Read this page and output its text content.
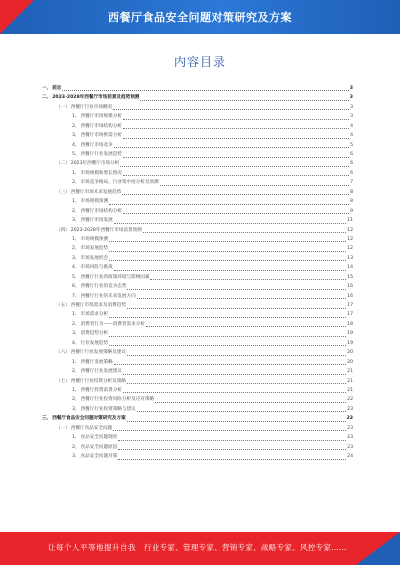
西餐厅食品安全问题对策研究及方案
内容目录
一、 前言	3
二、 2023-2028年西餐厅市场前景及趋势预测	3
（一） 西餐厅行业市场概况	3
1、 西餐厅市场规模分析	3
2、 西餐厅市场结构分析	4
3、 西餐厅市场供需分析	4
4、 西餐厅市场竞争	5
5、 西餐厅行业发展趋势	6
（二） 2023年西餐厅市场分析	6
1、 市场规模和增长情况	6
2、 市场竞争格局、行业集中度分析及预测	7
（三） 西餐厅市场未来发展趋势	8
1、 市场规模预测	8
2、 西餐厅市场结构分析	9
3、 西餐厅市场发展	11
（四） 2023-2028年西餐厅市场前景预测	12
1、 市场规模预测	12
2、 市场发展趋势	12
3、 市场发展机会	13
4、 市场风险与挑战	14
5、 西餐厅行业的政策环境与影响因素	15
6、 西餐厅行业的竞争态势	16
7、 西餐厅行业的未来发展方向	16
（五） 西餐厅市场需求及消费趋势	17
1、 市场需求分析	17
2、 消费者行为——消费者需求分析	18
3、 消费趋势分析	19
4、 行业发展趋势	19
（六） 西餐厅行业发展策略及建议	20
1、 西餐厅发展策略	20
2、 西餐厅行业发展建议	21
（七） 西餐厅行业投资分析及策略	21
1、 西餐厅投资前景分析	21
2、 西餐厅行业投资风险分析及应对策略	22
3、 西餐厅行业投资策略与建议	23
三、 西餐厅食品安全问题对策研究及方案	23
（一） 西餐厅食品安全问题	23
1、 食品安全问题现状	23
2、 食品安全问题原因	23
3、 食品安全问题对策	24
让每个人平等地提升自我 行业专家、管理专家、营销专家、战略专家、风控专家……
